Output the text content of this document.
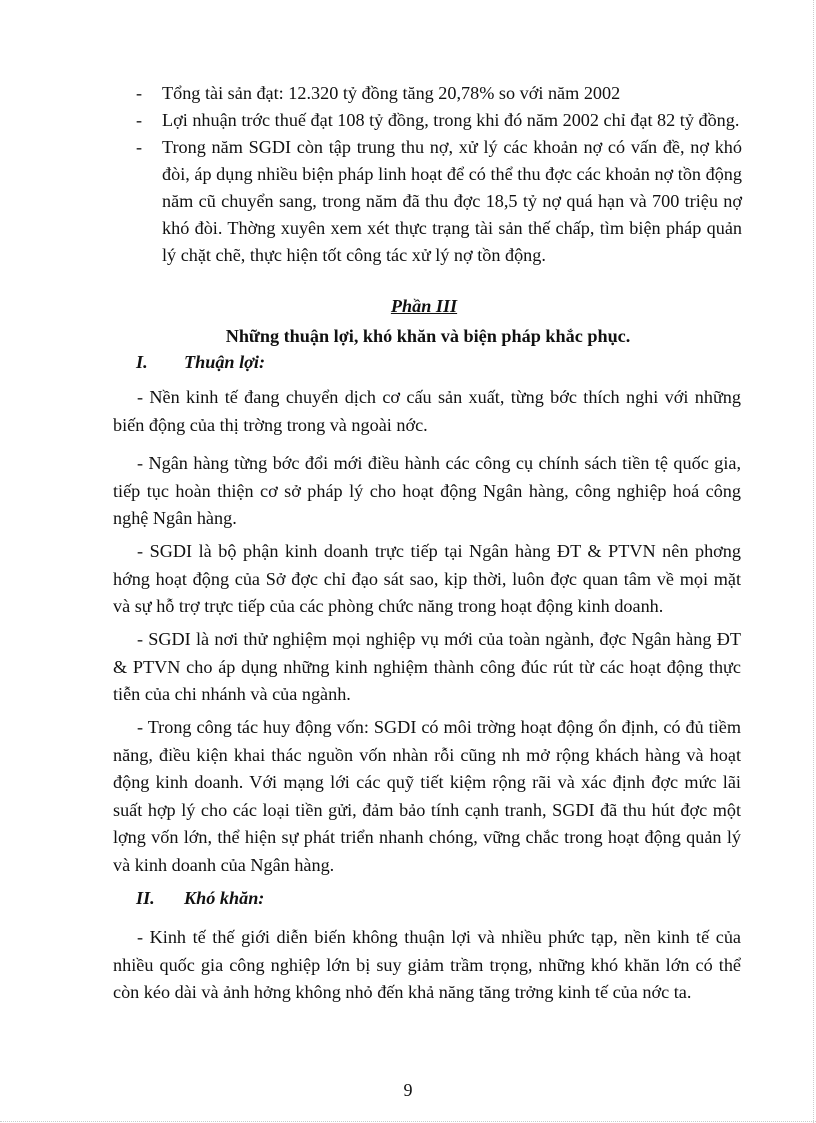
-	Tổng tài sản đạt: 12.320 tỷ đồng tăng 20,78% so với năm 2002
-	Lợi nhuận trớc thuế đạt 108 tỷ đồng, trong khi đó năm 2002 chỉ đạt 82 tỷ đồng.
-	Trong năm SGDI còn tập trung thu nợ, xử lý các khoản nợ có vấn đề, nợ khó đòi, áp dụng nhiều biện pháp linh hoạt để có thể thu đợc các khoản nợ tồn động năm cũ chuyển sang, trong năm đã thu đợc 18,5 tỷ nợ quá hạn và 700 triệu nợ khó đòi. Thờng xuyên xem xét thực trạng tài sản thế chấp, tìm biện pháp quản lý chặt chẽ, thực hiện tốt công tác xử lý nợ tồn động.
Phần III
Những thuận lợi, khó khăn và biện pháp khắc phục.
I.	Thuận lợi:
- Nền kinh tế đang chuyển dịch cơ cấu sản xuất, từng bớc thích nghi với những biến động của thị trờng trong và ngoài nớc.
- Ngân hàng từng bớc đổi mới điều hành các công cụ chính sách tiền tệ quốc gia, tiếp tục hoàn thiện cơ sở pháp lý cho hoạt động Ngân hàng, công nghiệp hoá công nghệ Ngân hàng.
- SGDI là bộ phận kinh doanh trực tiếp tại Ngân hàng ĐT & PTVN nên phơng hớng hoạt động của Sở đợc chỉ đạo sát sao, kịp thời, luôn đợc quan tâm về mọi mặt và sự hỗ trợ trực tiếp của các phòng chức năng trong hoạt động kinh doanh.
- SGDI là nơi thử nghiệm mọi nghiệp vụ mới của toàn ngành, đợc Ngân hàng ĐT & PTVN cho áp dụng những kinh nghiệm thành công đúc rút từ các hoạt động thực tiễn của chi nhánh và của ngành.
- Trong công tác huy động vốn: SGDI có môi trờng hoạt động ổn định, có đủ tiềm năng, điều kiện khai thác nguồn vốn nhàn rỗi cũng nh mở rộng khách hàng và hoạt động kinh doanh. Với mạng lới các quỹ tiết kiệm rộng rãi và xác định đợc mức lãi suất hợp lý cho các loại tiền gửi, đảm bảo tính cạnh tranh, SGDI đã thu hút đợc một lợng vốn lớn, thể hiện sự phát triển nhanh chóng, vững chắc trong hoạt động quản lý và kinh doanh của Ngân hàng.
II.	Khó khăn:
- Kinh tế thế giới diễn biến không thuận lợi và nhiều phức tạp, nền kinh tế của nhiều quốc gia công nghiệp lớn bị suy giảm trầm trọng, những khó khăn lớn có thể còn kéo dài và ảnh hởng không nhỏ đến khả năng tăng trởng kinh tế của nớc ta.
9
